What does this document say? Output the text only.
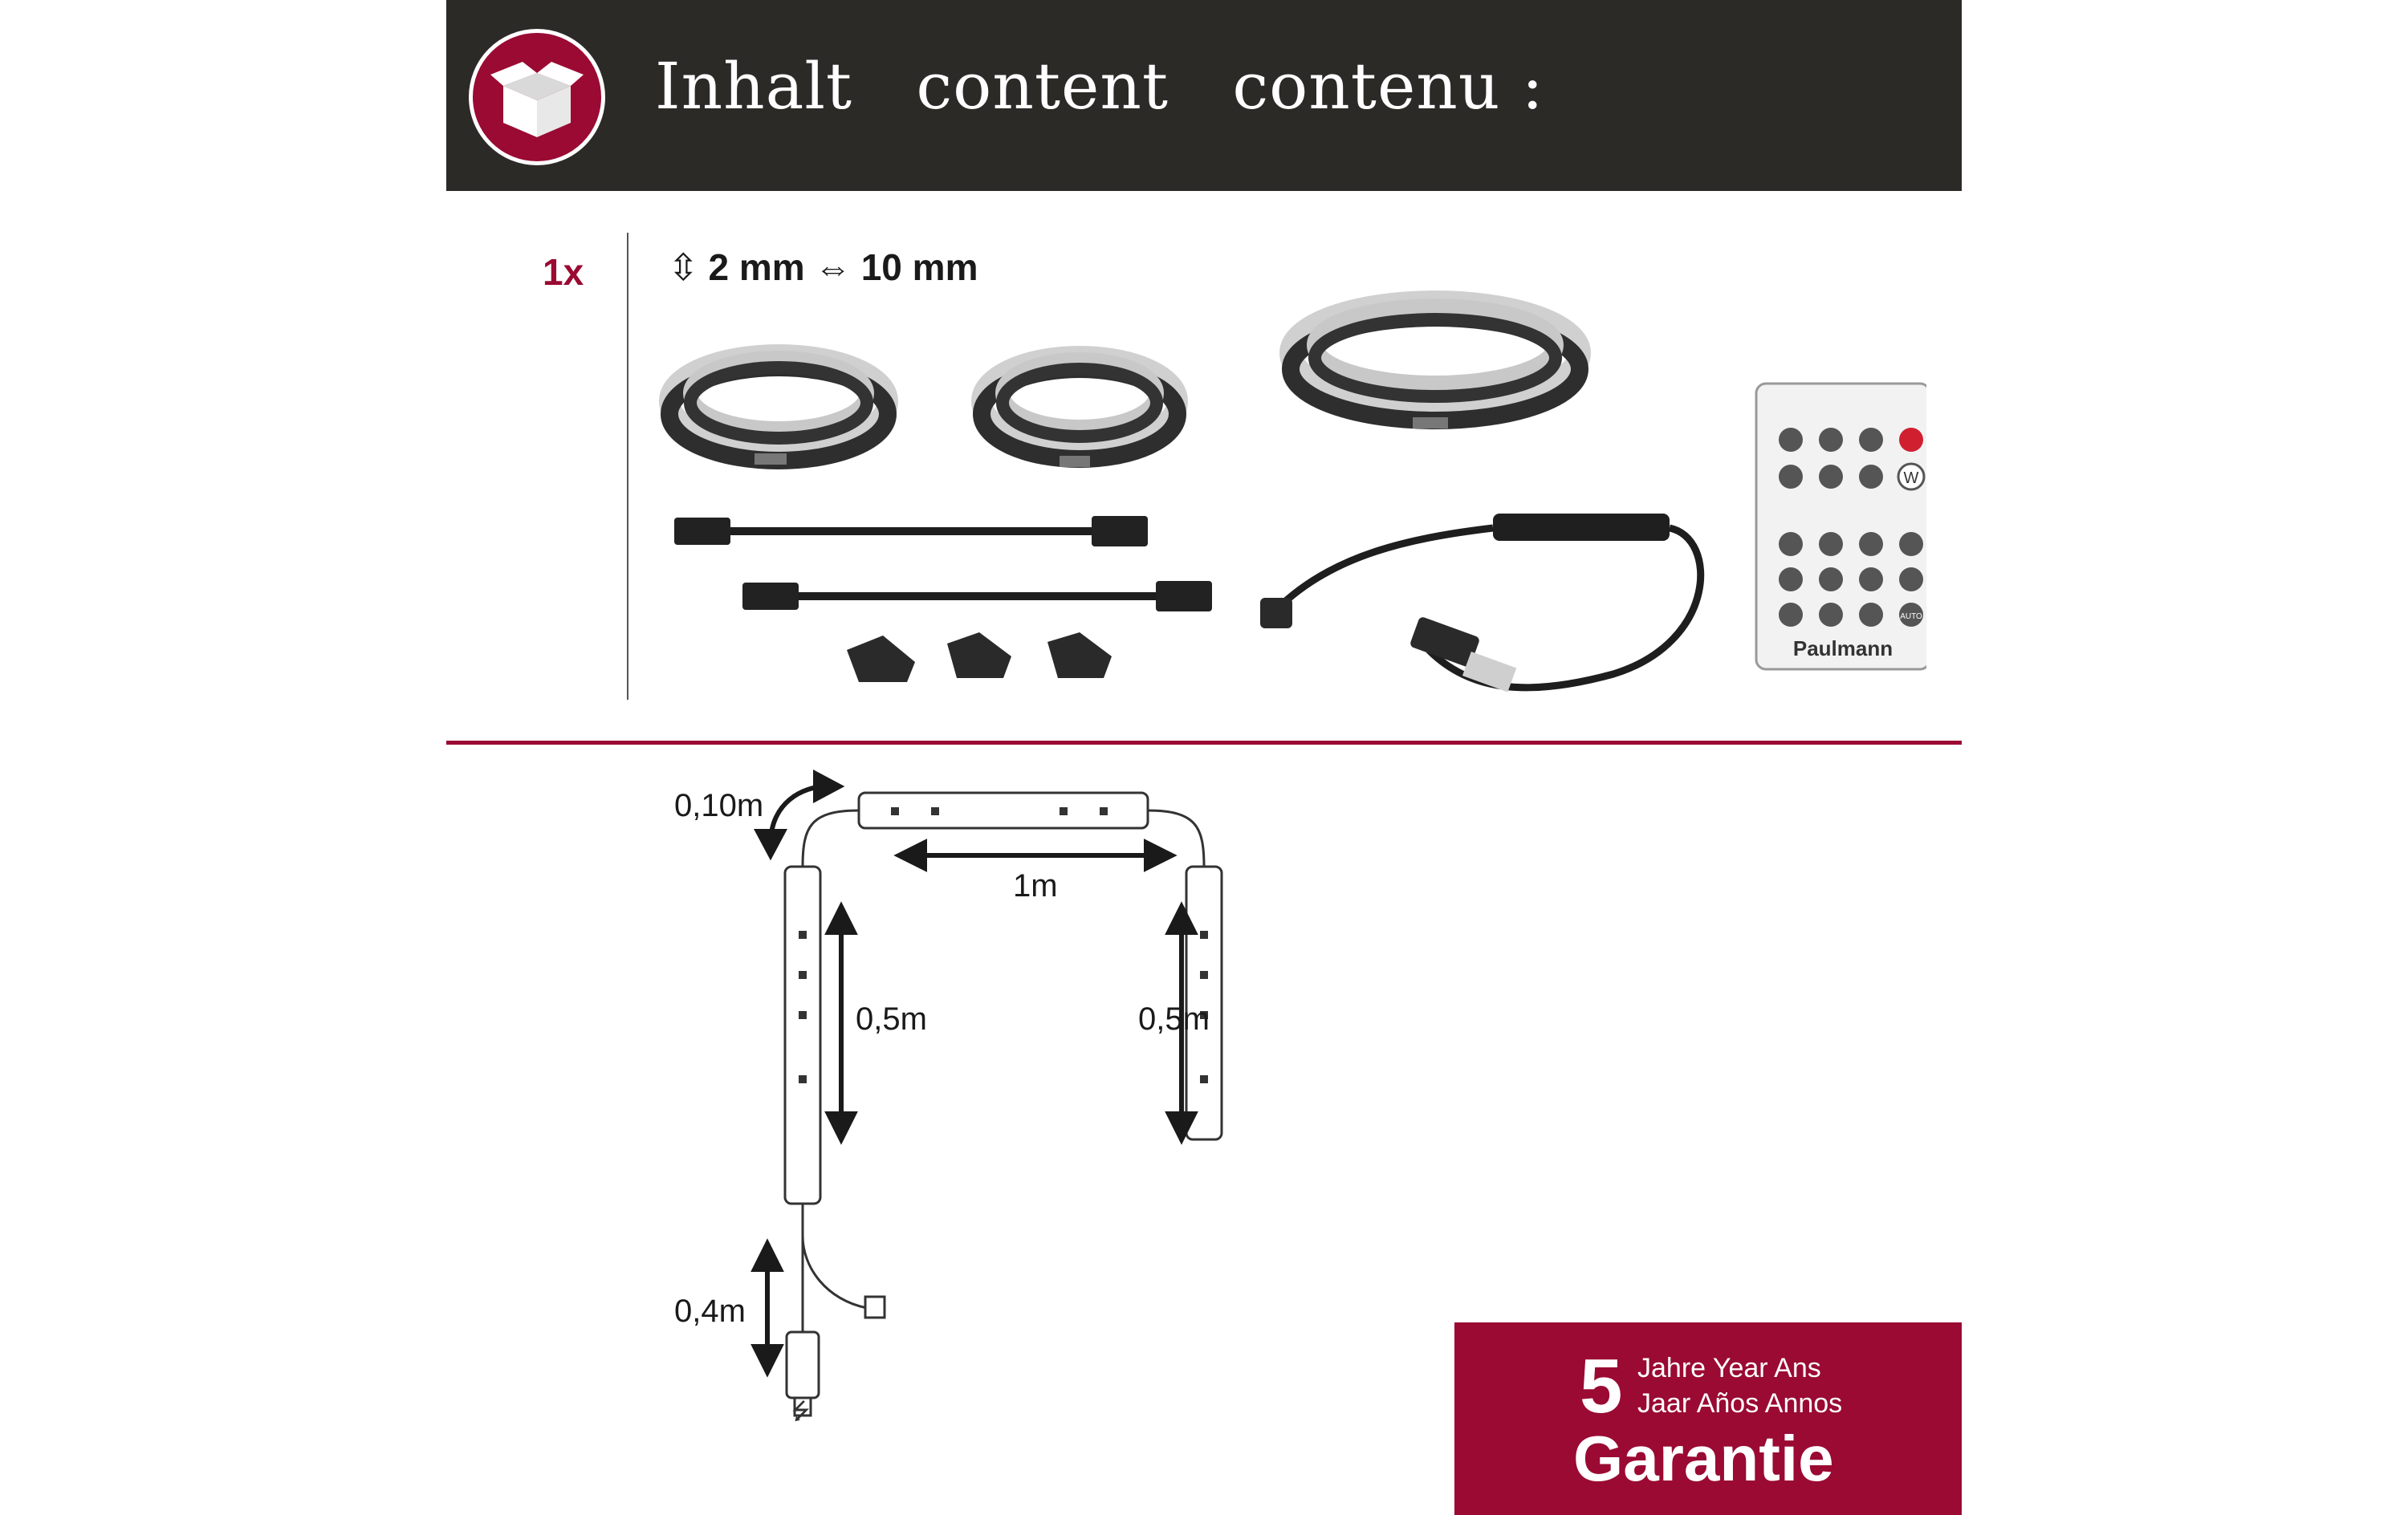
Inhalt   content   contenu :
1x ⇳ 2 mm ⇔ 10 mm
W
AUTO
Paulmann
0,10m
1m
0,5m	0,5m
0,4m
⭍	5 Jahre Year Ans
Jaar Años Annos
Garantie
